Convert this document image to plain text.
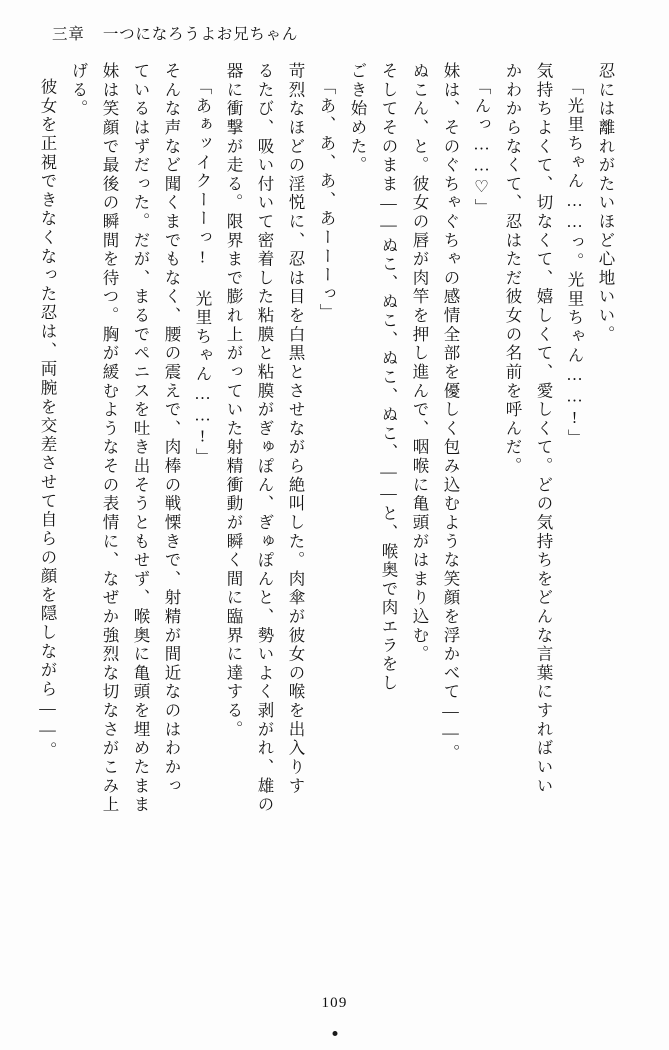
三章 一つになろうよお兄ちゃん
忍には離れがたいほど心地いい。
「光里ちゃん……っ。光里ちゃん……!」
気持ちよくて、切なくて、嬉しくて、愛しくて。どの気持ちをどんな言葉にすればいい
かわからなくて、忍はただ彼女の名前を呼んだ。
「んっ……♡」
妹は、そのぐちゃぐちゃの感情全部を優しく包み込むような笑顔を浮かべて――。
ぬこん、と。彼女の唇が肉竿を押し進んで、咽喉に亀頭がはまり込む。
そしてそのまま――ぬこ、ぬこ、ぬこ、ぬこ、――と、喉奥で肉エラをし
ごき始めた。
「あ、あ、あ、あーーーっ」
苛烈なほどの淫悦に、忍は目を白黒とさせながら絶叫した。肉傘が彼女の喉を出入りす
るたび、吸い付いて密着した粘膜と粘膜がぎゅぽん、ぎゅぽんと、勢いよく剥がれ、雄の
器に衝撃が走る。限界まで膨れ上がっていた射精衝動が瞬く間に臨界に達する。
「あぁッイクーーっ! 光里ちゃん……!」
そんな声など聞くまでもなく、腰の震えで、肉棒の戦慄きで、射精が間近なのはわかっ
ているはずだった。だが、まるでペニスを吐き出そうともせず、喉奥に亀頭を埋めたまま
妹は笑顔で最後の瞬間を待つ。胸が緩むようなその表情に、なぜか強烈な切なさがこみ上
げる。
彼女を正視できなくなった忍は、両腕を交差させて自らの顔を隠しながら――。
109
